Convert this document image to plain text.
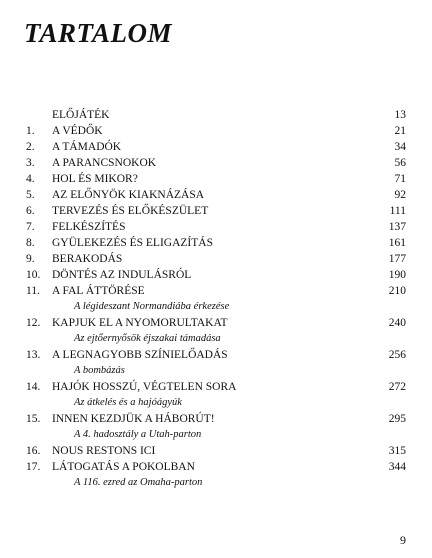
TARTALOM
ELŐJÁTÉK	13
1.	A VÉDŐK	21
2.	A TÁMADÓK	34
3.	A PARANCSNOKOK	56
4.	HOL ÉS MIKOR?	71
5.	AZ ELŐNYÖK KIAKNÁZÁSA	92
6.	TERVEZÉS ÉS ELŐKÉSZÜLET	111
7.	FELKÉSZÍTÉS	137
8.	GYÜLEKEZÉS ÉS ELIGAZÍTÁS	161
9.	BERAKODÁS	177
10.	DÖNTÉS AZ INDULÁSRÓL	190
11.	A FAL ÁTTÖRÉSE	210
A légideszant Normandiába érkezése
12.	KAPJUK EL A NYOMORULTAKAT	240
Az ejtőernyősök éjszakai támadása
13.	A LEGNAGYOBB SZÍNIELŐADÁS	256
A bombázás
14.	HAJÓK HOSSZÚ, VÉGTELEN SORA	272
Az átkelés és a hajóágyúk
15.	INNEN KEZDJÜK A HÁBORÚT!	295
A 4. hadosztály a Utah-parton
16.	NOUS RESTONS ICI	315
17.	LÁTOGATÁS A POKOLBAN	344
A 116. ezred az Omaha-parton
9
